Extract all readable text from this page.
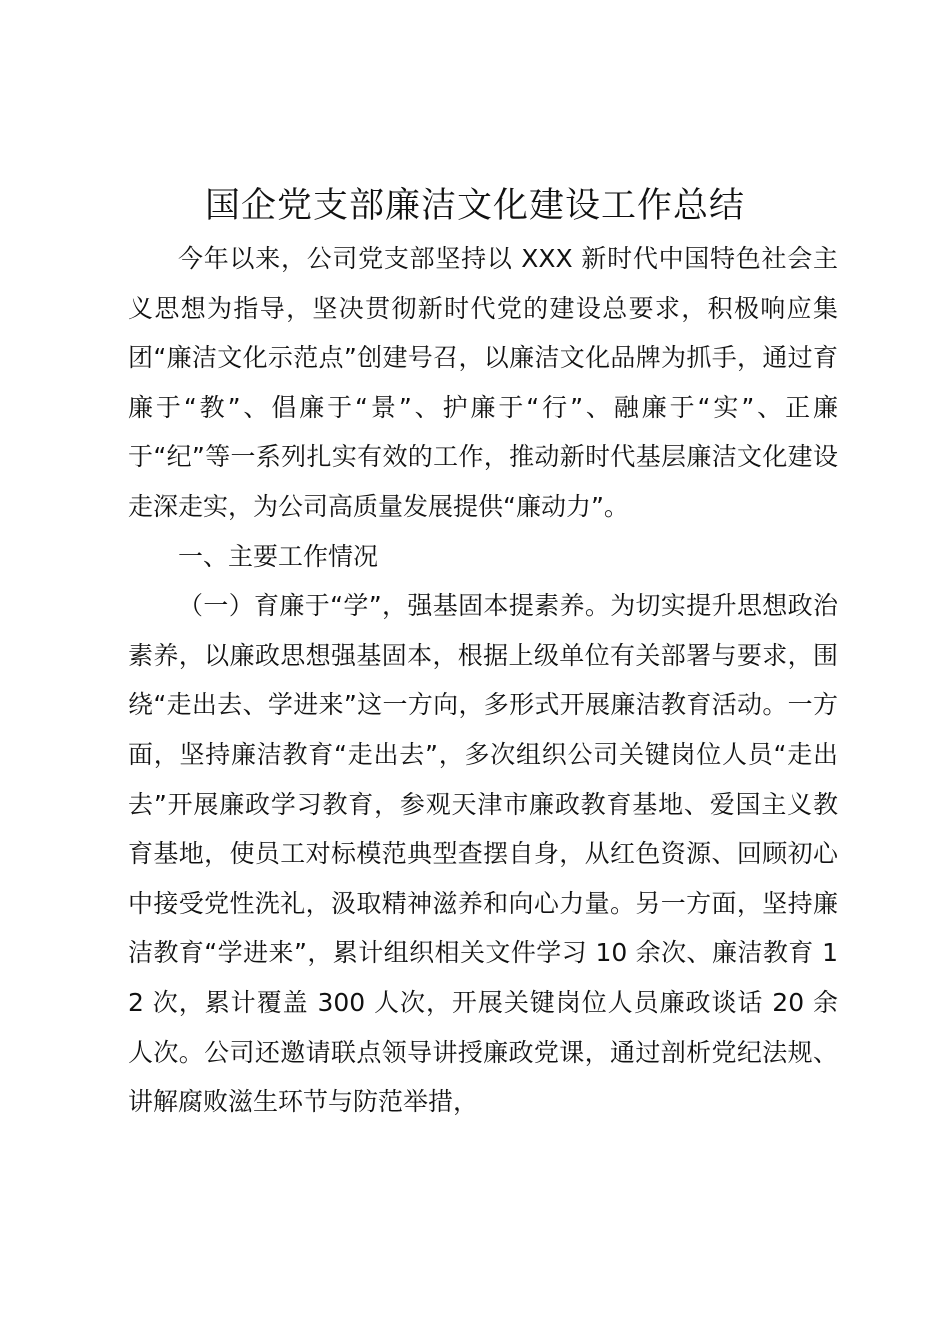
国企党支部廉洁文化建设工作总结

今年以来，公司党支部坚持以 XXX 新时代中国特色社会主义思想为指导，坚决贯彻新时代党的建设总要求，积极响应集团“廉洁文化示范点”创建号召，以廉洁文化品牌为抓手，通过育廉于“教”、倡廉于“景”、护廉于“行”、融廉于“实”、正廉于“纪”等一系列扎实有效的工作，推动新时代基层廉洁文化建设走深走实，为公司高质量发展提供“廉动力”。

一、主要工作情况

（一）育廉于“学”，强基固本提素养。为切实提升思想政治素养，以廉政思想强基固本，根据上级单位有关部署与要求，围绕“走出去、学进来”这一方向，多形式开展廉洁教育活动。一方面，坚持廉洁教育“走出去”，多次组织公司关键岗位人员“走出去”开展廉政学习教育，参观天津市廉政教育基地、爱国主义教育基地，使员工对标模范典型查摆自身，从红色资源、回顾初心中接受党性洗礼，汲取精神滋养和向心力量。另一方面，坚持廉洁教育“学进来”，累计组织相关文件学习 10 余次、廉洁教育 12 次，累计覆盖 300 人次，开展关键岗位人员廉政谈话 20 余人次。公司还邀请联点领导讲授廉政党课，通过剖析党纪法规、讲解腐败滋生环节与防范举措，
